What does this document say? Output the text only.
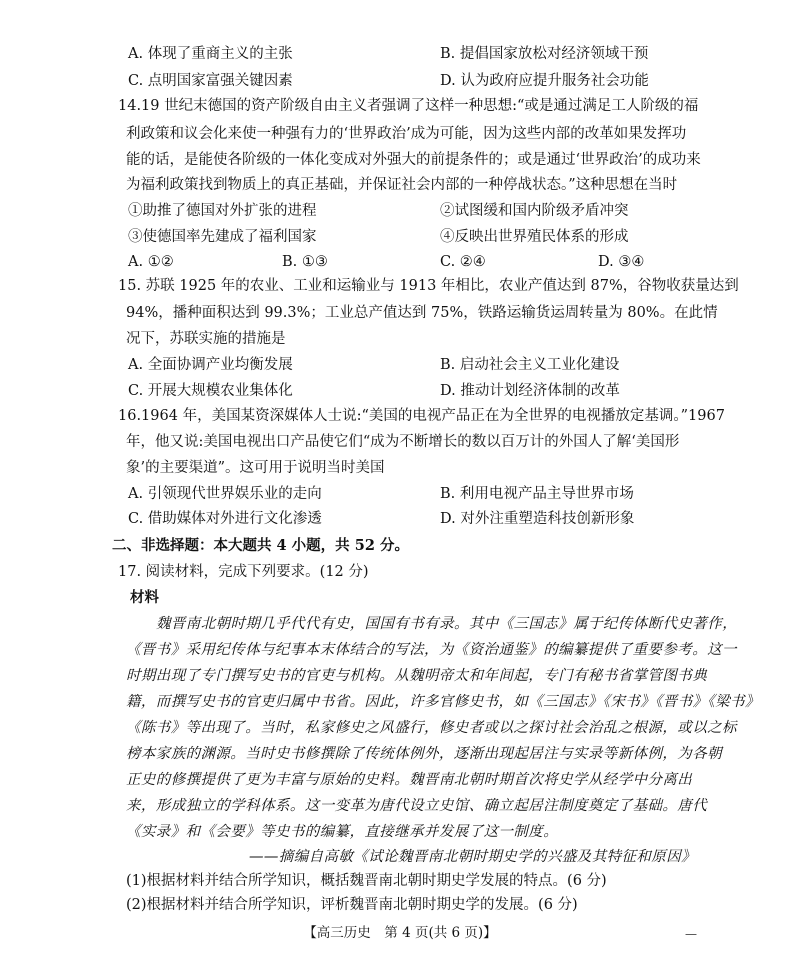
A. 体现了重商主义的主张	B. 提倡国家放松对经济领域干预
C. 点明国家富强关键因素	D. 认为政府应提升服务社会功能
14.19 世纪末德国的资产阶级自由主义者强调了这样一种思想:“或是通过满足工人阶级的福
利政策和议会化来使一种强有力的‘世界政治’成为可能，因为这些内部的改革如果发挥功
能的话，是能使各阶级的一体化变成对外强大的前提条件的；或是通过‘世界政治’的成功来
为福利政策找到物质上的真正基础，并保证社会内部的一种停战状态。”这种思想在当时
①助推了德国对外扩张的进程	②试图缓和国内阶级矛盾冲突
③使德国率先建成了福利国家	④反映出世界殖民体系的形成
A. ①②	B. ①③	C. ②④	D. ③④
15. 苏联 1925 年的农业、工业和运输业与 1913 年相比，农业产值达到 87%，谷物收获量达到
94%，播种面积达到 99.3%；工业总产值达到 75%，铁路运输货运周转量为 80%。在此情
况下，苏联实施的措施是
A. 全面协调产业均衡发展	B. 启动社会主义工业化建设
C. 开展大规模农业集体化	D. 推动计划经济体制的改革
16.1964 年，美国某资深媒体人士说:“美国的电视产品正在为全世界的电视播放定基调。”1967
年，他又说:美国电视出口产品使它们“成为不断增长的数以百万计的外国人了解‘美国形
象’的主要渠道”。这可用于说明当时美国
A. 引领现代世界娱乐业的走向	B. 利用电视产品主导世界市场
C. 借助媒体对外进行文化渗透	D. 对外注重塑造科技创新形象
二、非选择题：本大题共 4 小题，共 52 分。
17. 阅读材料，完成下列要求。(12 分)
材料
魏晋南北朝时期几乎代代有史，国国有书有录。其中《三国志》属于纪传体断代史著作，
《晋书》采用纪传体与纪事本末体结合的写法，为《资治通鉴》的编纂提供了重要参考。这一
时期出现了专门撰写史书的官吏与机构。从魏明帝太和年间起，专门有秘书省掌管图书典
籍，而撰写史书的官吏归属中书省。因此，许多官修史书，如《三国志》《宋书》《晋书》《梁书》
《陈书》等出现了。当时，私家修史之风盛行，修史者或以之探讨社会治乱之根源，或以之标
榜本家族的渊源。当时史书修撰除了传统体例外，逐渐出现起居注与实录等新体例，为各朝
正史的修撰提供了更为丰富与原始的史料。魏晋南北朝时期首次将史学从经学中分离出
来，形成独立的学科体系。这一变革为唐代设立史馆、确立起居注制度奠定了基础。唐代
《实录》和《会要》等史书的编纂，直接继承并发展了这一制度。
——摘编自高敏《试论魏晋南北朝时期史学的兴盛及其特征和原因》
(1)根据材料并结合所学知识，概括魏晋南北朝时期史学发展的特点。(6 分)
(2)根据材料并结合所学知识，评析魏晋南北朝时期史学的发展。(6 分)
【高三历史　第 4 页(共 6 页)】	—
